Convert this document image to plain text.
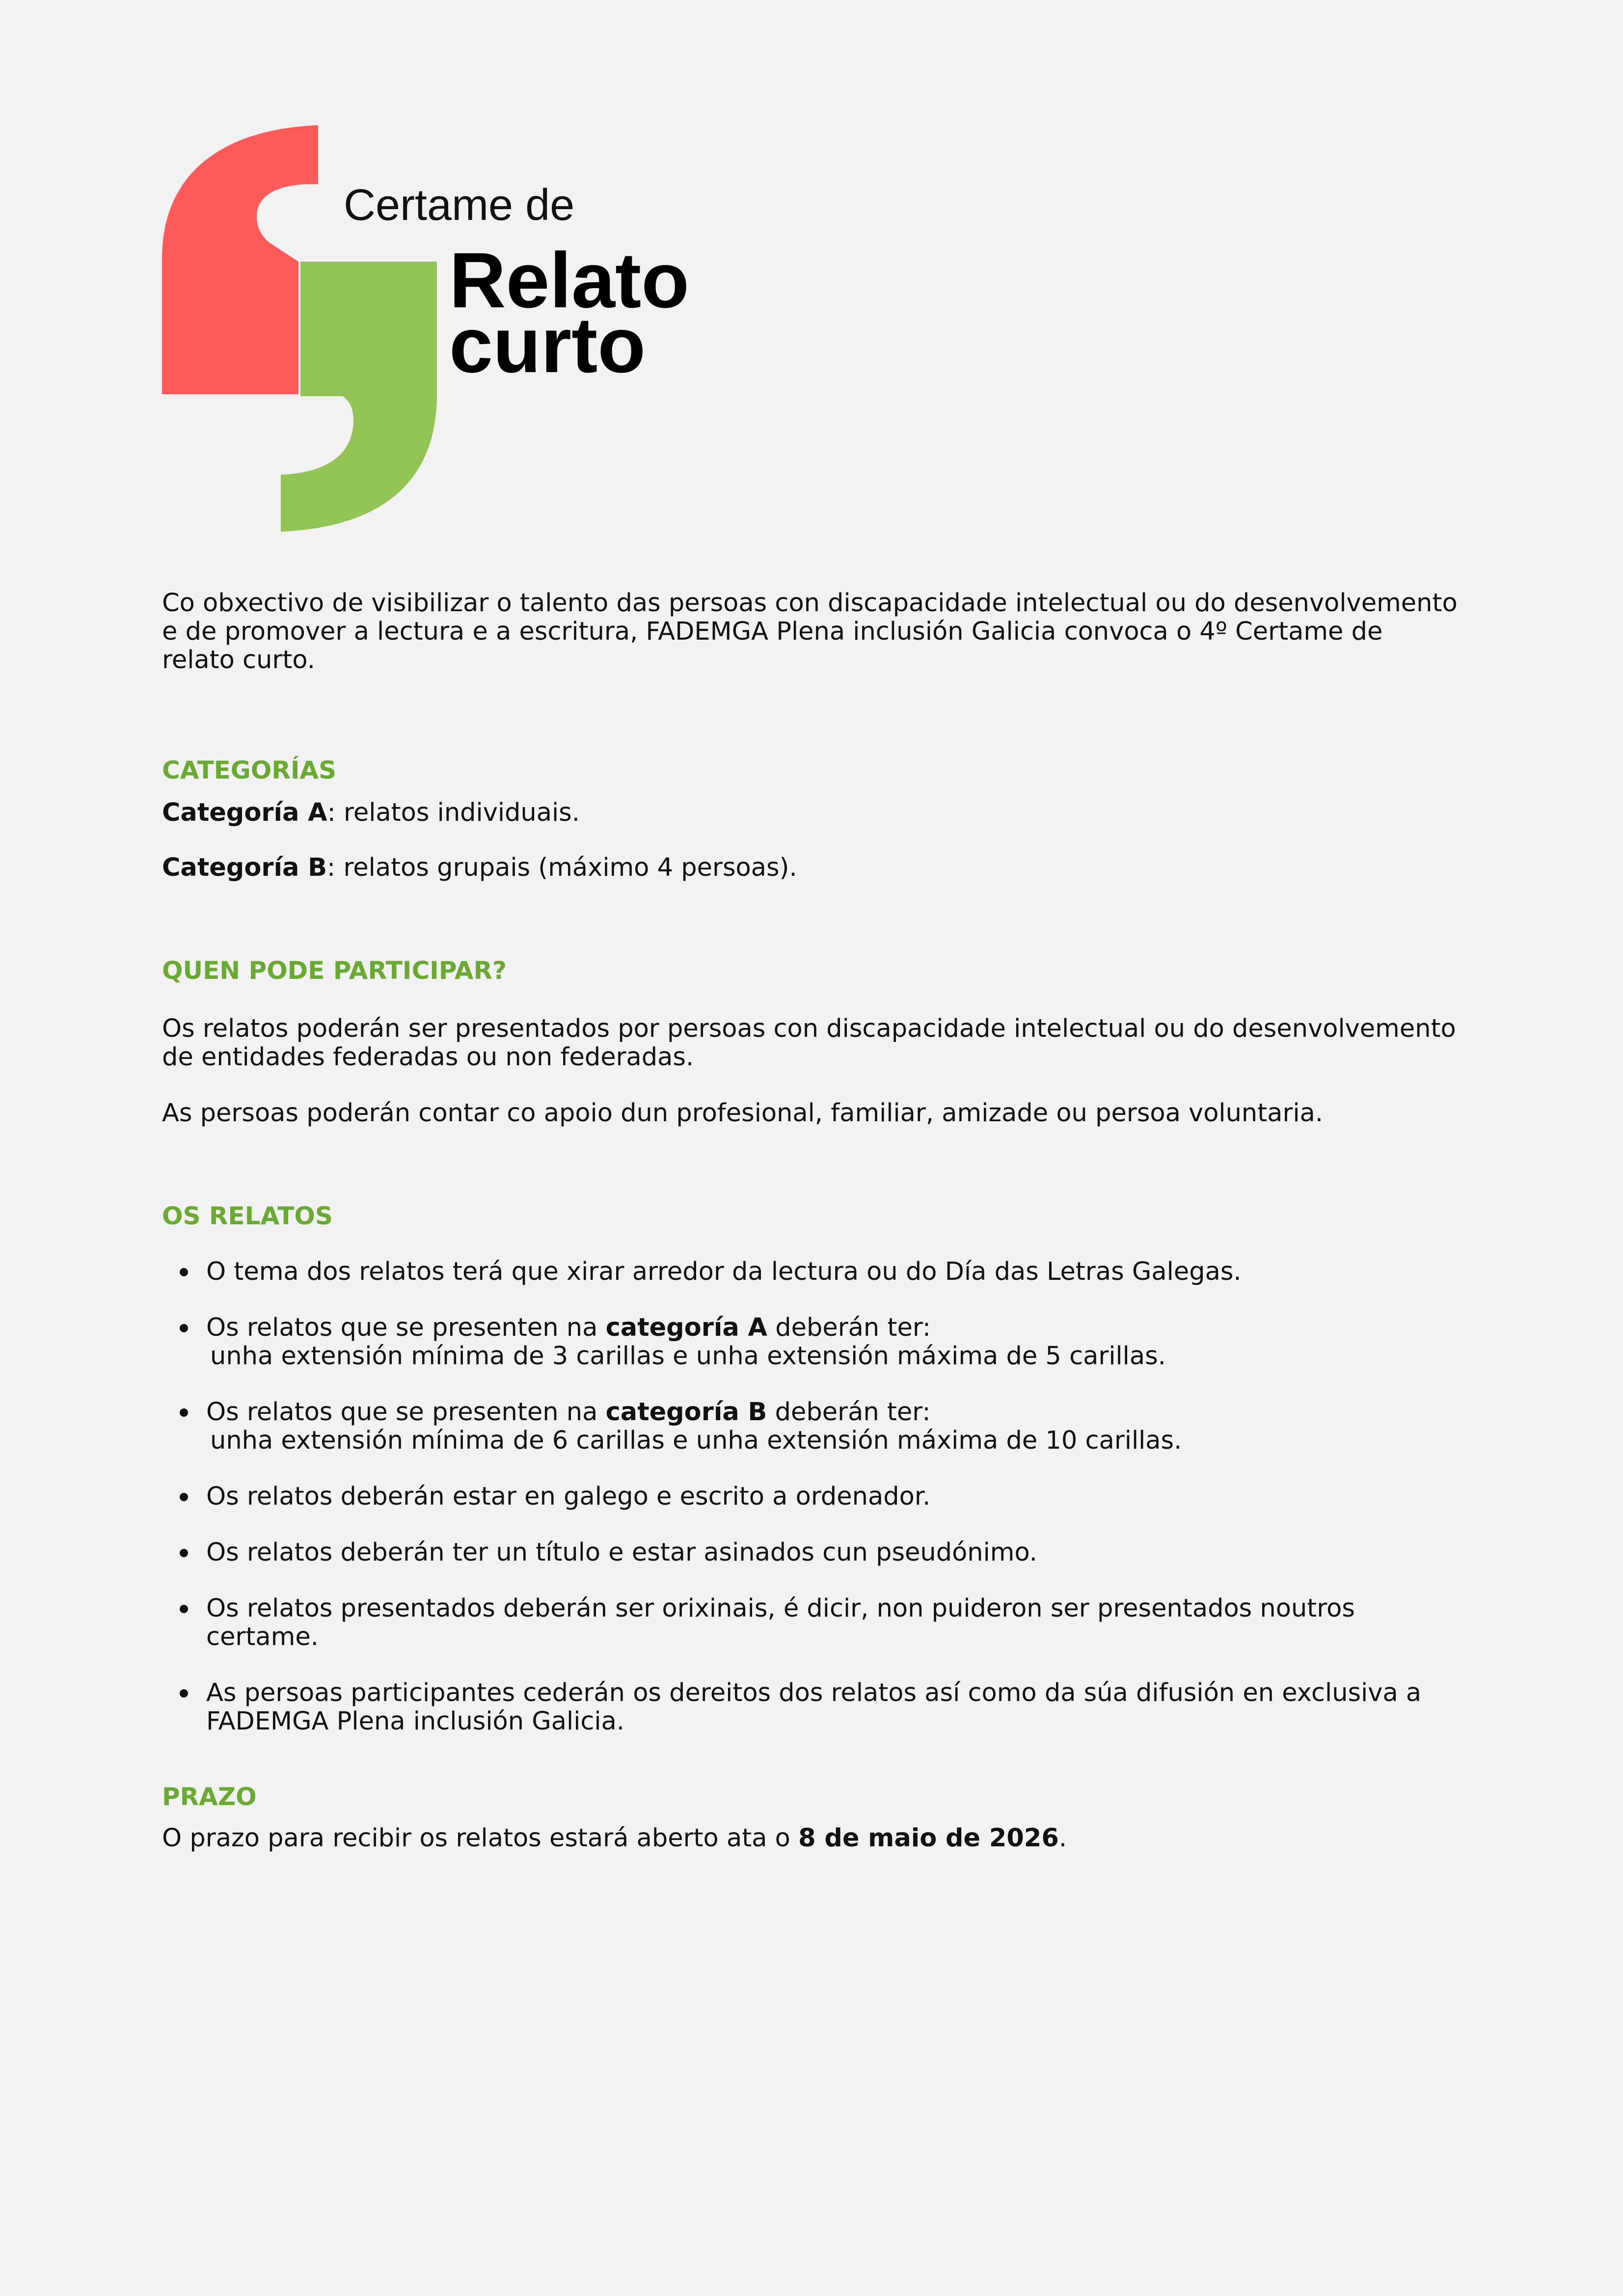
Certame de
Relato
curto

Co obxectivo de visibilizar o talento das persoas con discapacidade intelectual ou do desenvolvemento e de promover a lectura e a escritura, FADEMGA Plena inclusión Galicia convoca o 4º Certame de relato curto.

CATEGORÍAS

Categoría A: relatos individuais.

Categoría B: relatos grupais (máximo 4 persoas).

QUEN PODE PARTICIPAR?

Os relatos poderán ser presentados por persoas con discapacidade intelectual ou do desenvolvemento de entidades federadas ou non federadas.

As persoas poderán contar co apoio dun profesional, familiar, amizade ou persoa voluntaria.

OS RELATOS
O tema dos relatos terá que xirar arredor da lectura ou do Día das Letras Galegas.
Os relatos que se presenten na categoría A deberán ter:
unha extensión mínima de 3 carillas e unha extensión máxima de 5 carillas.
Os relatos que se presenten na categoría B deberán ter:
unha extensión mínima de 6 carillas e unha extensión máxima de 10 carillas.
Os relatos deberán estar en galego e escrito a ordenador.
Os relatos deberán ter un título e estar asinados cun pseudónimo.
Os relatos presentados deberán ser orixinais, é dicir, non puideron ser presentados noutros certame.
As persoas participantes cederán os dereitos dos relatos así como da súa difusión en exclusiva a FADEMGA Plena inclusión Galicia.
PRAZO

O prazo para recibir os relatos estará aberto ata o 8 de maio de 2026.
